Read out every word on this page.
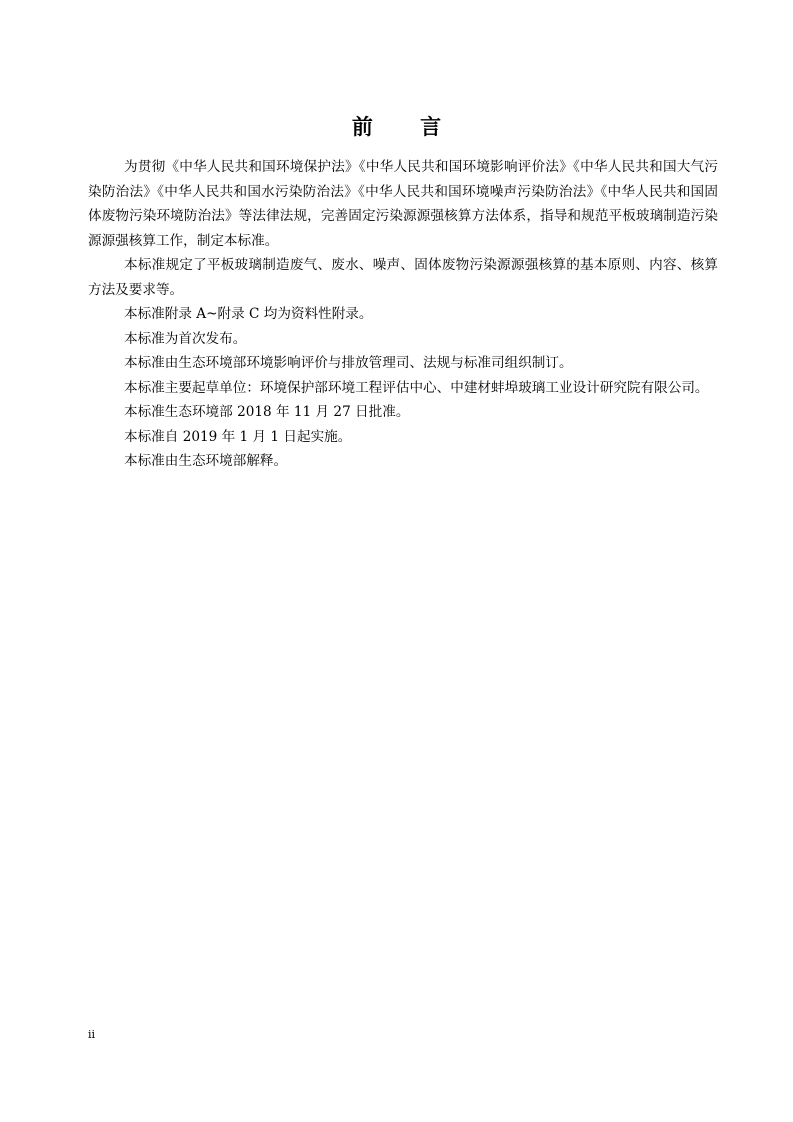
前 言

为贯彻《中华人民共和国环境保护法》《中华人民共和国环境影响评价法》《中华人民共和国大气污染防治法》《中华人民共和国水污染防治法》《中华人民共和国环境噪声污染防治法》《中华人民共和国固体废物污染环境防治法》等法律法规，完善固定污染源源强核算方法体系，指导和规范平板玻璃制造污染源源强核算工作，制定本标准。

本标准规定了平板玻璃制造废气、废水、噪声、固体废物污染源源强核算的基本原则、内容、核算方法及要求等。

本标准附录 A~附录 C 均为资料性附录。

本标准为首次发布。

本标准由生态环境部环境影响评价与排放管理司、法规与标准司组织制订。

本标准主要起草单位：环境保护部环境工程评估中心、中建材蚌埠玻璃工业设计研究院有限公司。

本标准生态环境部 2018 年 11 月 27 日批准。

本标准自 2019 年 1 月 1 日起实施。

本标准由生态环境部解释。

ii
